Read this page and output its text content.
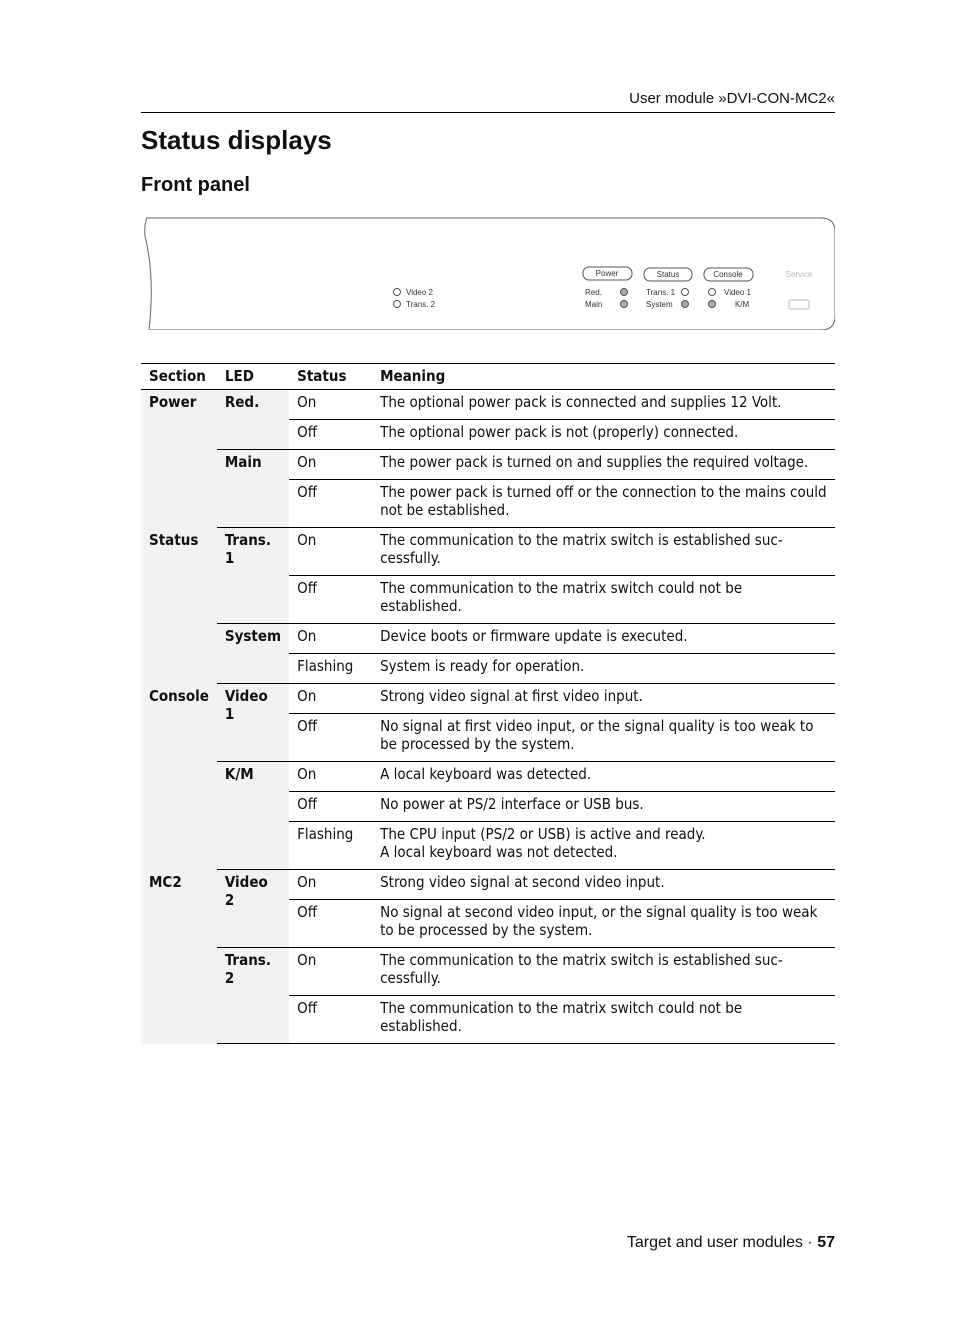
User module »DVI-CON-MC2«
Status displays
Front panel
Power	Status	Console	Service
Video 2
Trans. 2
Red.
Main
Trans. 1
System
Video 1
K/M
Section	LED	Status	Meaning
Power	Red.	On	The optional power pack is connected and supplies 12 Volt.
		Off	The optional power pack is not (properly) connected.
	Main	On	The power pack is turned on and supplies the required voltage.
		Off	The power pack is turned off or the connection to the mains could not be established.
Status	Trans. 1	On	The communication to the matrix switch is established suc-cessfully.
		Off	The communication to the matrix switch could not be established.
	System	On	Device boots or firmware update is executed.
		Flashing	System is ready for operation.
Console	Video 1	On	Strong video signal at first video input.
		Off	No signal at first video input, or the signal quality is too weak to be processed by the system.
	K/M	On	A local keyboard was detected.
		Off	No power at PS/2 interface or USB bus.
		Flashing	The CPU input (PS/2 or USB) is active and ready.
A local keyboard was not detected.
MC2	Video 2	On	Strong video signal at second video input.
		Off	No signal at second video input, or the signal quality is too weak to be processed by the system.
	Trans. 2	On	The communication to the matrix switch is established suc-cessfully.
		Off	The communication to the matrix switch could not be established.
Target and user modules · 57
